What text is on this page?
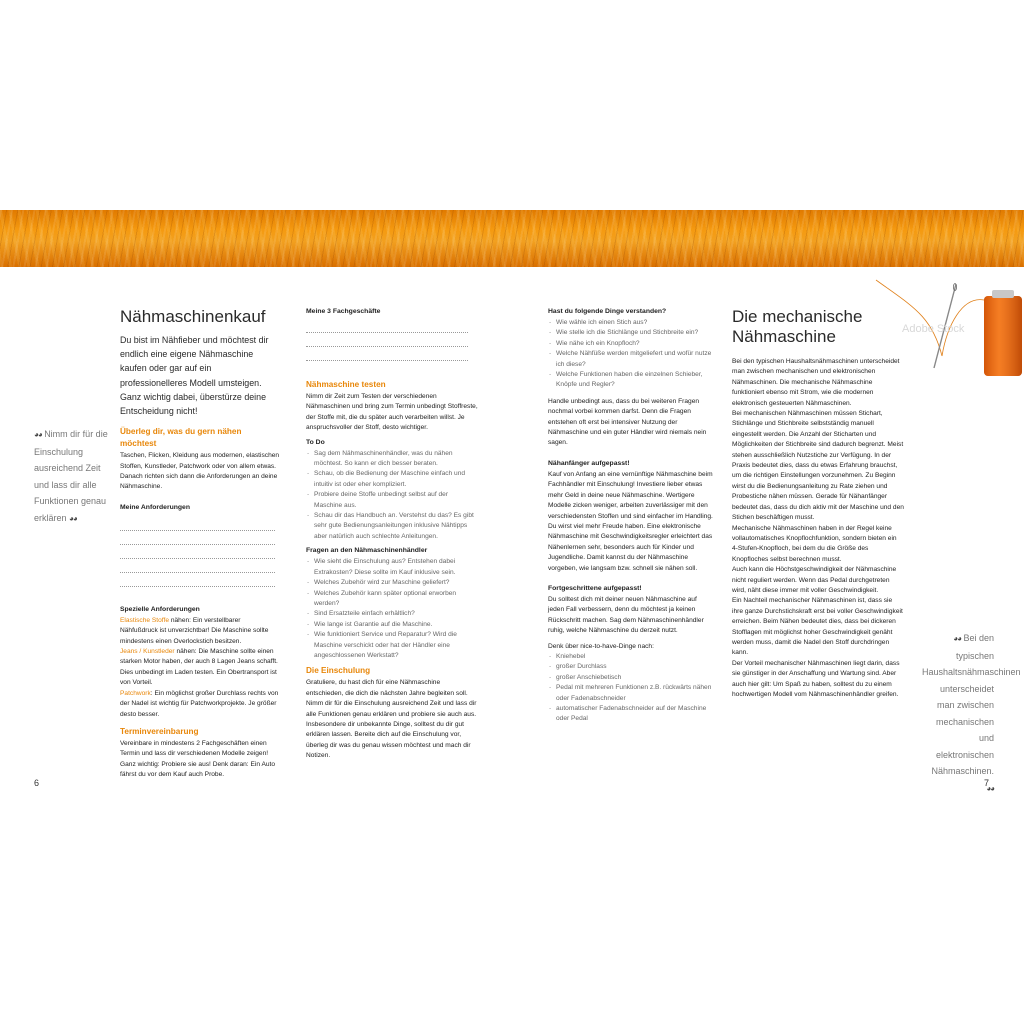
◕◕ Nimm dir für die Einschulung ausreichend Zeit und lass dir alle Funktionen genau erklären ◕◕
Nähmaschinenkauf

Du bist im Nähfieber und möchtest dir endlich eine eigene Nähmaschine kaufen oder gar auf ein professionelleres Modell umsteigen. Ganz wichtig dabei, überstürze deine Entscheidung nicht!

Überleg dir, was du gern nähen möchtest

Taschen, Flicken, Kleidung aus modernen, elastischen Stoffen, Kunstleder, Patchwork oder von allem etwas. Danach richten sich dann die Anforderungen an deine Nähmaschine.

Meine Anforderungen
Spezielle Anforderungen

Elastische Stoffe nähen: Ein verstellbarer Nähfußdruck ist unverzichtbar! Die Maschine sollte mindestens einen Overlockstich besitzen.

Jeans / Kunstleder nähen: Die Maschine sollte einen starken Motor haben, der auch 8 Lagen Jeans schafft. Dies unbedingt im Laden testen. Ein Obertransport ist von Vorteil.

Patchwork: Ein möglichst großer Durchlass rechts von der Nadel ist wichtig für Patchworkprojekte. Je größer desto besser.

Terminvereinbarung

Vereinbare in mindestens 2 Fachgeschäften einen Termin und lass dir verschiedenen Modelle zeigen! Ganz wichtig: Probiere sie aus! Denk daran: Ein Auto fährst du vor dem Kauf auch Probe.

Meine 3 Fachgeschäfte
Nähmaschine testen

Nimm dir Zeit zum Testen der verschiedenen Nähmaschinen und bring zum Termin unbedingt Stoffreste, der Stoffe mit, die du später auch verarbeiten willst. Je anspruchsvoller der Stoff, desto wichtiger.

To Do
- Sag dem Nähmaschinenhändler, was du nähen möchtest. So kann er dich besser beraten.
- Schau, ob die Bedienung der Maschine einfach und intuitiv ist oder eher kompliziert.
- Probiere deine Stoffe unbedingt selbst auf der Maschine aus.
- Schau dir das Handbuch an. Verstehst du das? Es gibt sehr gute Bedienungsanleitungen inklusive Nähtipps aber natürlich auch schlechte Anleitungen.
Fragen an den Nähmaschinenhändler
- Wie sieht die Einschulung aus? Entstehen dabei Extrakosten? Diese sollte im Kauf inklusive sein.
- Welches Zubehör wird zur Maschine geliefert?
- Welches Zubehör kann später optional erworben werden?
- Sind Ersatzteile einfach erhältlich?
- Wie lange ist Garantie auf die Maschine.
- Wie funktioniert Service und Reparatur? Wird die Maschine verschickt oder hat der Händler eine angeschlossenen Werkstatt?
Die Einschulung

Gratuliere, du hast dich für eine Nähmaschine entschieden, die dich die nächsten Jahre begleiten soll. Nimm dir für die Einschulung ausreichend Zeit und lass dir alle Funktionen genau erklären und probiere sie auch aus. Insbesondere dir unbekannte Dinge, solltest du dir gut erklären lassen. Bereite dich auf die Einschulung vor, überleg dir was du genau wissen möchtest und mach dir Notizen.

Hast du folgende Dinge verstanden?
- Wie wähle ich einen Stich aus?
- Wie stelle ich die Stichlänge und Stichbreite ein?
- Wie nähe ich ein Knopfloch?
- Welche Nähfüße werden mitgeliefert und wofür nutze ich diese?
- Welche Funktionen haben die einzelnen Schieber, Knöpfe und Regler?

Handle unbedingt aus, dass du bei weiteren Fragen nochmal vorbei kommen darfst. Denn die Fragen entstehen oft erst bei intensiver Nutzung der Nähmaschine und ein guter Händler wird niemals nein sagen.

Nähanfänger aufgepasst!

Kauf von Anfang an eine vernünftige Nähmaschine beim Fachhändler mit Einschulung! Investiere lieber etwas mehr Geld in deine neue Nähmaschine. Wertigere Modelle zicken weniger, arbeiten zuverlässiger mit den verschiedensten Stoffen und sind einfacher im Handling. Du wirst viel mehr Freude haben. Eine elektronische Nähmaschine mit Geschwindigkeitsregler erleichtert das Nähenlernen sehr, besonders auch für Kinder und Jugendliche. Damit kannst du der Nähmaschine vorgeben, wie langsam bzw. schnell sie nähen soll.

Fortgeschrittene aufgepasst!

Du solltest dich mit deiner neuen Nähmaschine auf jeden Fall verbessern, denn du möchtest ja keinen Rückschritt machen. Sag dem Nähmaschinenhändler ruhig, welche Nähmaschine du derzeit nutzt.

Denk über nice-to-have-Dinge nach:

- Kniehebel
- großer Durchlass
- großer Anschiebetisch
- Pedal mit mehreren Funktionen z.B. rückwärts nähen oder Fadenabschneider
- automatischer Fadenabschneider auf der Maschine oder Pedal
Die mechanische Nähmaschine

Bei den typischen Haushaltsnähmaschinen unterscheidet man zwischen mechanischen und elektronischen Nähmaschinen. Die mechanische Nähmaschine funktioniert ebenso mit Strom, wie die modernen elektronisch gesteuerten Nähmaschinen.

Bei mechanischen Nähmaschinen müssen Stichart, Stichlänge und Stichbreite selbstständig manuell eingestellt werden. Die Anzahl der Sticharten und Möglichkeiten der Stichbreite sind dadurch begrenzt. Meist stehen ausschließlich Nutzstiche zur Verfügung. In der Praxis bedeutet dies, dass du etwas Erfahrung brauchst, um die richtigen Einstellungen vorzunehmen. Zu Beginn wirst du die Bedienungsanleitung zu Rate ziehen und Probestiche nähen müssen. Gerade für Nähanfänger bedeutet das, dass du dich aktiv mit der Maschine und den Stichen beschäftigen musst.

Mechanische Nähmaschinen haben in der Regel keine vollautomatisches Knopflochfunktion, sondern bieten ein 4-Stufen-Knopfloch, bei dem du die Größe des Knopfloches selbst berechnen musst.

Auch kann die Höchstgeschwindigkeit der Nähmaschine nicht reguliert werden. Wenn das Pedal durchgetreten wird, näht diese immer mit voller Geschwindigkeit.

Ein Nachteil mechanischer Nähmaschinen ist, dass sie ihre ganze Durchstichskraft erst bei voller Geschwindigkeit erreichen. Beim Nähen bedeutet dies, dass bei dickeren Stofflagen mit möglichst hoher Geschwindigkeit genäht werden muss, damit die Nadel den Stoff durchdringen kann.

Der Vorteil mechanischer Nähmaschinen liegt darin, dass sie günstiger in der Anschaffung und Wartung sind. Aber auch hier gilt: Um Spaß zu haben, solltest du zu einem hochwertigen Modell vom Nähmaschinenhändler greifen.

Adobe Stock
◕◕ Bei den typischen Haushaltsnähmaschinen unterscheidet man zwischen mechanischen und elektronischen Nähmaschinen. ◕◕
6	7
